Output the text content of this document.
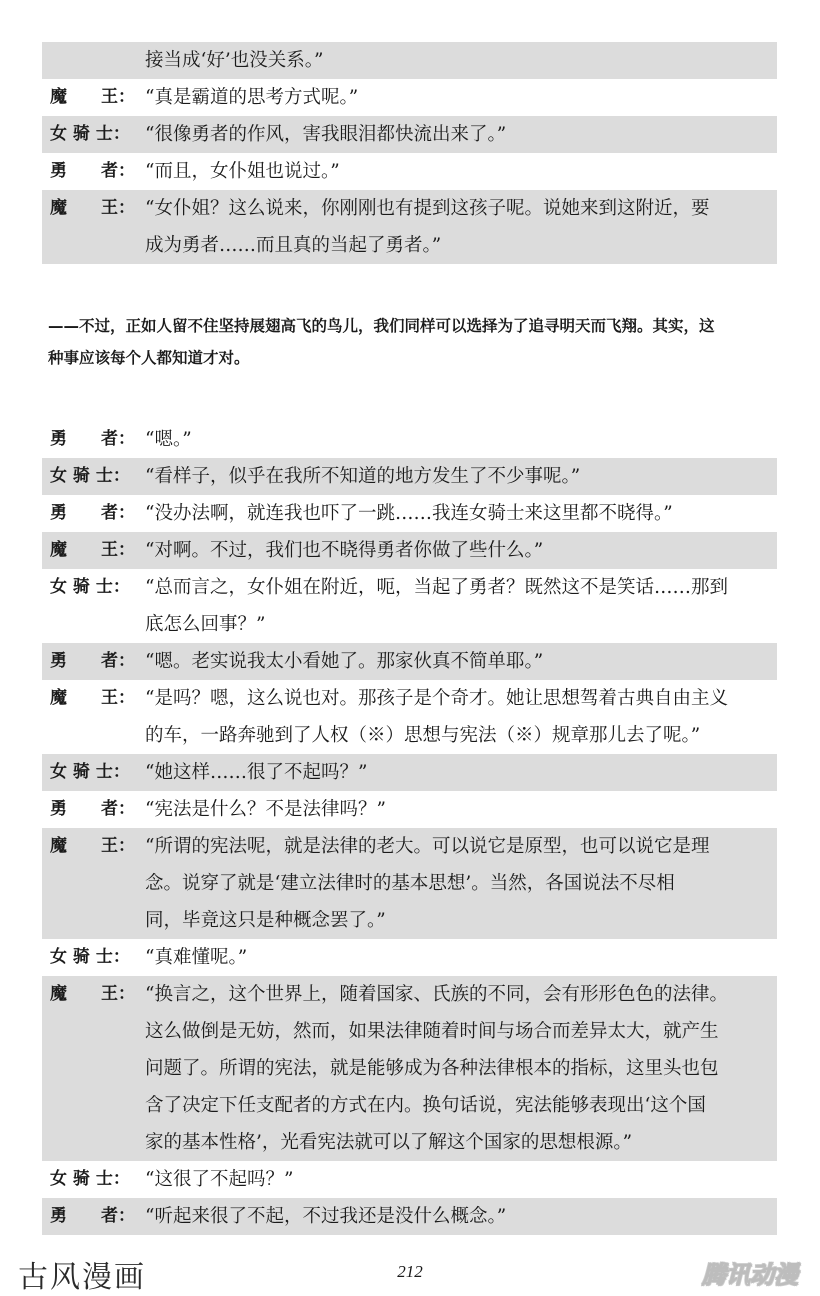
接当成‘好’也没关系。”
魔　　王： “真是霸道的思考方式呢。”
女 骑 士： “很像勇者的作风，害我眼泪都快流出来了。”
勇　　者： “而且，女仆姐也说过。”
魔　　王： “女仆姐？这么说来，你刚刚也有提到这孩子呢。说她来到这附近，要
成为勇者……而且真的当起了勇者。”
——不过，正如人留不住坚持展翅高飞的鸟儿，我们同样可以选择为了追寻明天而飞翔。其实，这
种事应该每个人都知道才对。
勇　　者： “嗯。”
女 骑 士： “看样子，似乎在我所不知道的地方发生了不少事呢。”
勇　　者： “没办法啊，就连我也吓了一跳……我连女骑士来这里都不晓得。”
魔　　王： “对啊。不过，我们也不晓得勇者你做了些什么。”
女 骑 士： “总而言之，女仆姐在附近，呃，当起了勇者？既然这不是笑话……那到
底怎么回事？”
勇　　者： “嗯。老实说我太小看她了。那家伙真不简单耶。”
魔　　王： “是吗？嗯，这么说也对。那孩子是个奇才。她让思想驾着古典自由主义
的车，一路奔驰到了人权（※）思想与宪法（※）规章那儿去了呢。”
女 骑 士： “她这样……很了不起吗？”
勇　　者： “宪法是什么？不是法律吗？”
魔　　王： “所谓的宪法呢，就是法律的老大。可以说它是原型，也可以说它是理
念。说穿了就是‘建立法律时的基本思想’。当然，各国说法不尽相
同，毕竟这只是种概念罢了。”
女 骑 士： “真难懂呢。”
魔　　王： “换言之，这个世界上，随着国家、氏族的不同，会有形形色色的法律。
这么做倒是无妨，然而，如果法律随着时间与场合而差异太大，就产生
问题了。所谓的宪法，就是能够成为各种法律根本的指标，这里头也包
含了决定下任支配者的方式在内。换句话说，宪法能够表现出‘这个国
家的基本性格’，光看宪法就可以了解这个国家的思想根源。”
女 骑 士： “这很了不起吗？”
勇　　者： “听起来很了不起，不过我还是没什么概念。”
212
古风漫画	腾讯动漫
